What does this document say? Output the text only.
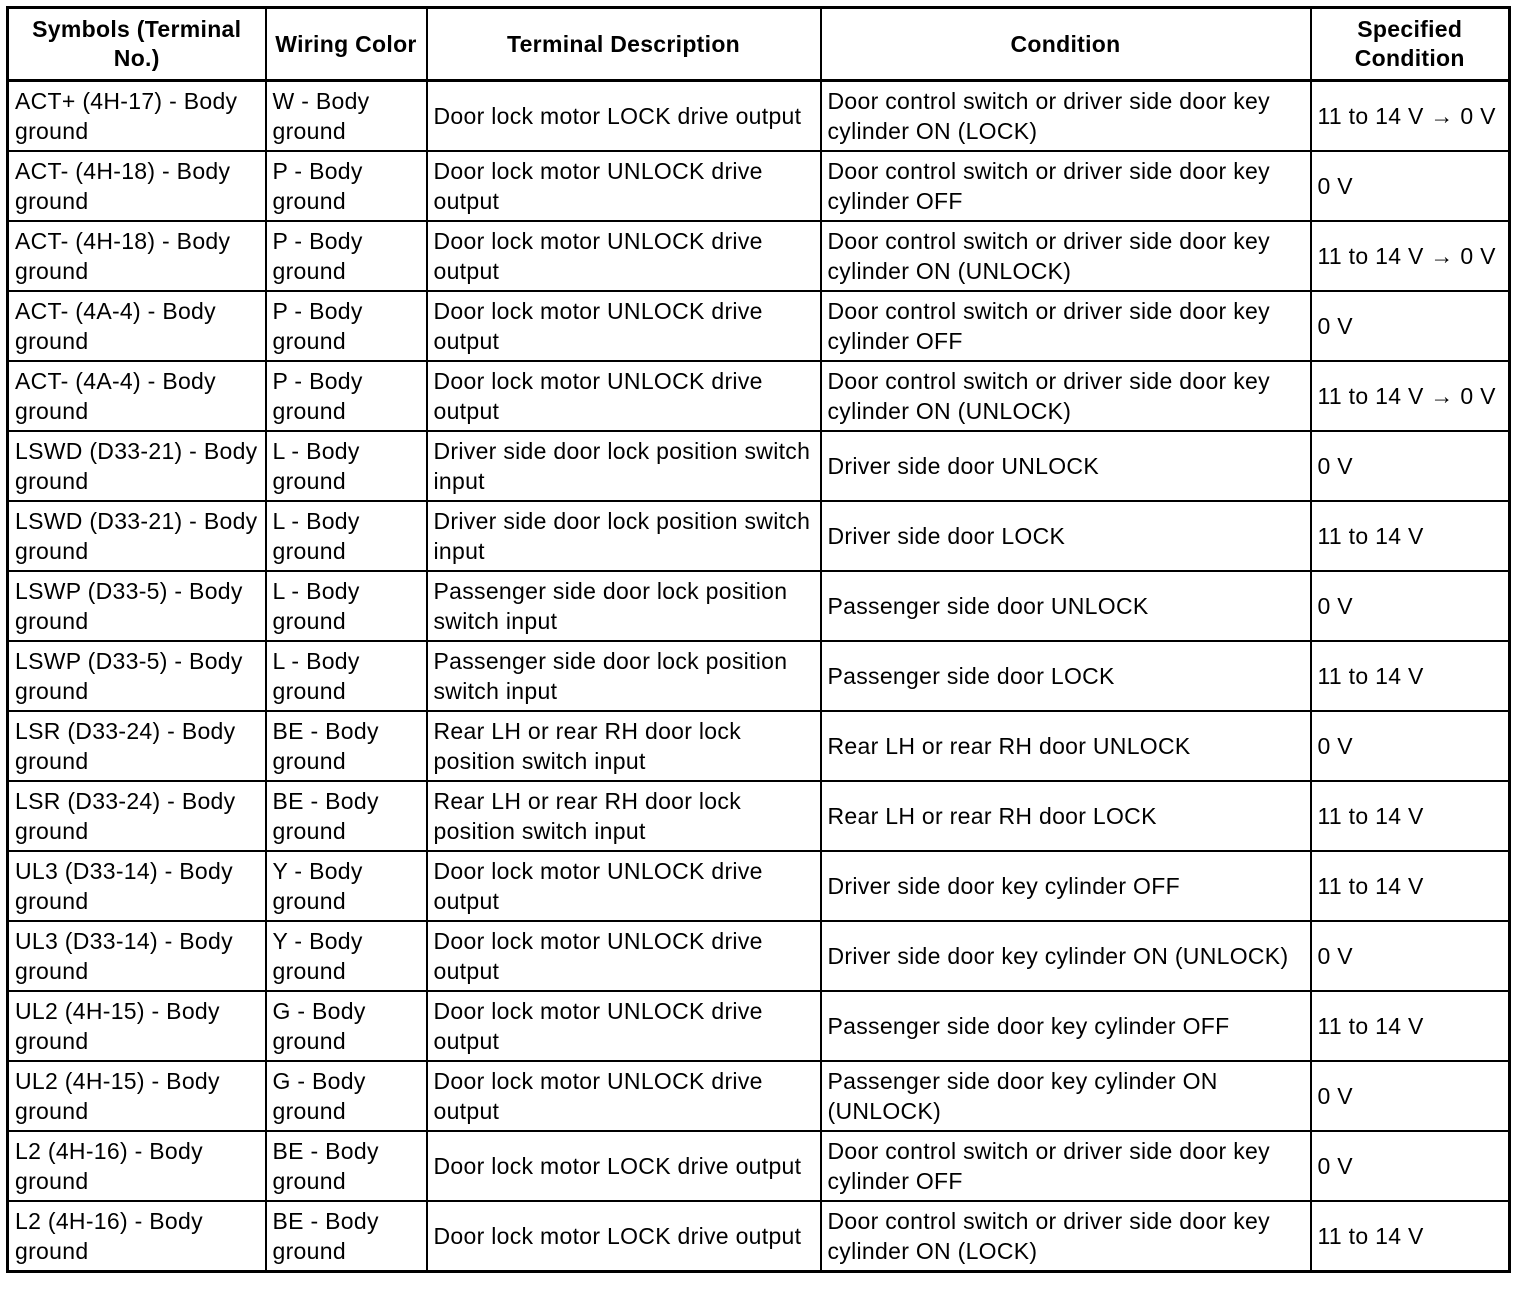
Symbols (Terminal No.)	Wiring Color	Terminal Description	Condition	Specified Condition
ACT+ (4H-17) - Body ground	W - Body ground	Door lock motor LOCK drive output	Door control switch or driver side door key cylinder ON (LOCK)	11 to 14 V → 0 V
ACT- (4H-18) - Body ground	P - Body ground	Door lock motor UNLOCK drive output	Door control switch or driver side door key cylinder OFF	0 V
ACT- (4H-18) - Body ground	P - Body ground	Door lock motor UNLOCK drive output	Door control switch or driver side door key cylinder ON (UNLOCK)	11 to 14 V → 0 V
ACT- (4A-4) - Body ground	P - Body ground	Door lock motor UNLOCK drive output	Door control switch or driver side door key cylinder OFF	0 V
ACT- (4A-4) - Body ground	P - Body ground	Door lock motor UNLOCK drive output	Door control switch or driver side door key cylinder ON (UNLOCK)	11 to 14 V → 0 V
LSWD (D33-21) - Body ground	L - Body ground	Driver side door lock position switch input	Driver side door UNLOCK	0 V
LSWD (D33-21) - Body ground	L - Body ground	Driver side door lock position switch input	Driver side door LOCK	11 to 14 V
LSWP (D33-5) - Body ground	L - Body ground	Passenger side door lock position switch input	Passenger side door UNLOCK	0 V
LSWP (D33-5) - Body ground	L - Body ground	Passenger side door lock position switch input	Passenger side door LOCK	11 to 14 V
LSR (D33-24) - Body ground	BE - Body ground	Rear LH or rear RH door lock position switch input	Rear LH or rear RH door UNLOCK	0 V
LSR (D33-24) - Body ground	BE - Body ground	Rear LH or rear RH door lock position switch input	Rear LH or rear RH door LOCK	11 to 14 V
UL3 (D33-14) - Body ground	Y - Body ground	Door lock motor UNLOCK drive output	Driver side door key cylinder OFF	11 to 14 V
UL3 (D33-14) - Body ground	Y - Body ground	Door lock motor UNLOCK drive output	Driver side door key cylinder ON (UNLOCK)	0 V
UL2 (4H-15) - Body ground	G - Body ground	Door lock motor UNLOCK drive output	Passenger side door key cylinder OFF	11 to 14 V
UL2 (4H-15) - Body ground	G - Body ground	Door lock motor UNLOCK drive output	Passenger side door key cylinder ON (UNLOCK)	0 V
L2 (4H-16) - Body ground	BE - Body ground	Door lock motor LOCK drive output	Door control switch or driver side door key cylinder OFF	0 V
L2 (4H-16) - Body ground	BE - Body ground	Door lock motor LOCK drive output	Door control switch or driver side door key cylinder ON (LOCK)	11 to 14 V
